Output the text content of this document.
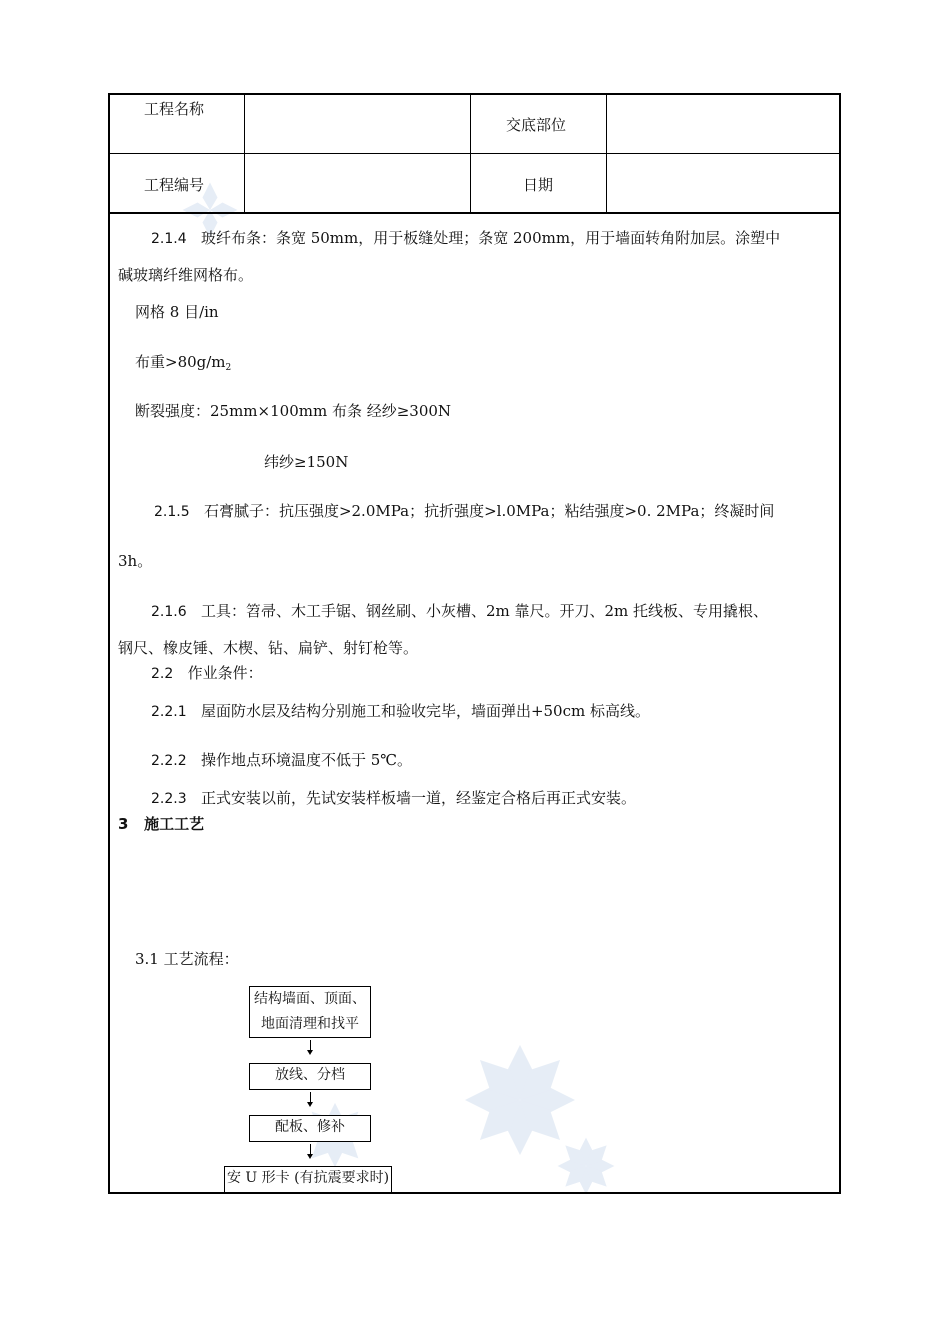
工程名称
交底部位
工程编号	日期
2.1.4 玻纤布条：条宽 50mm，用于板缝处理；条宽 200mm，用于墙面转角附加层。涂塑中
碱玻璃纤维网格布。
网格 8 目/in
布重$>80g/m_2$
断裂强度：25mm×100mm 布条 经纱≥300N
纬纱≥150N
2.1.5 石膏腻子：抗压强度>2.0MPa；抗折强度>l.0MPa；粘结强度>0. 2MPa；终凝时间
3h。
2.1.6 工具：笤帚、木工手锯、钢丝刷、小灰槽、2m 靠尺。开刀、2m 托线板、专用撬根、
钢尺、橡皮锤、木楔、钻、扁铲、射钉枪等。
2.2 作业条件：
2.2.1 屋面防水层及结构分别施工和验收完毕，墙面弹出+50cm 标高线。
2.2.2 操作地点环境温度不低于 5℃。
2.2.3 正式安装以前，先试安装样板墙一道，经鉴定合格后再正式安装。
3 施工工艺
3.1 工艺流程：
结构墙面、顶面、
地面清理和找平
放线、分档
配板、修补
安 U 形卡 (有抗震要求时)
